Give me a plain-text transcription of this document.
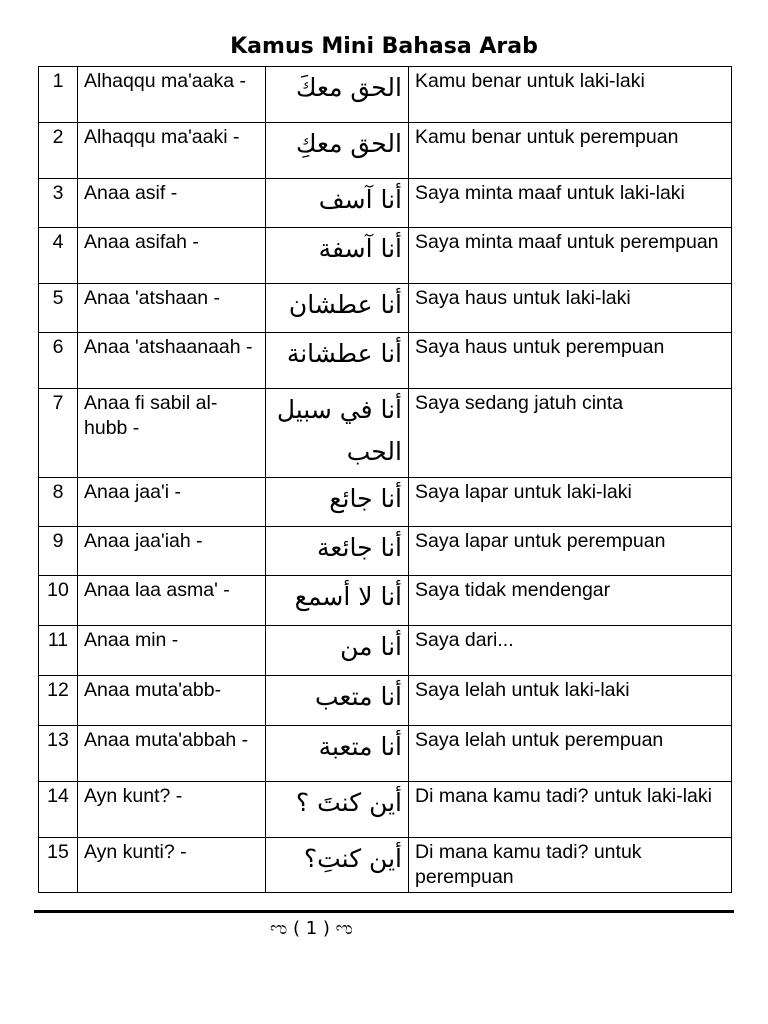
Kamus Mini Bahasa Arab
1	Alhaqqu ma'aaka -	الحق معكَ	Kamu benar untuk laki-laki
2	Alhaqqu ma'aaki -	الحق معكِ	Kamu benar untuk perempuan
3	Anaa asif -	أنا آسف	Saya minta maaf untuk laki-laki
4	Anaa asifah -	أنا آسفة	Saya minta maaf untuk perempuan
5	Anaa 'atshaan -	أنا عطشان	Saya haus untuk laki-laki
6	Anaa 'atshaanaah -	أنا عطشانة	Saya haus untuk perempuan
7	Anaa fi sabil al-hubb -	أنا في سبيل الحب	Saya sedang jatuh cinta
8	Anaa jaa'i -	أنا جائع	Saya lapar untuk laki-laki
9	Anaa jaa'iah -	أنا جائعة	Saya lapar untuk perempuan
10	Anaa laa asma' -	أنا لا أسمع	Saya tidak mendengar
11	Anaa min -	أنا من	Saya dari...
12	Anaa muta'abb-	أنا متعب	Saya lelah untuk laki-laki
13	Anaa muta'abbah -	أنا متعبة	Saya lelah untuk perempuan
14	Ayn kunt? -	أين كنتَ ؟	Di mana kamu tadi? untuk laki-laki
15	Ayn kunti? -	أين كنتِ؟	Di mana kamu tadi? untuk perempuan
ಌ ( 1 ) ಌ
